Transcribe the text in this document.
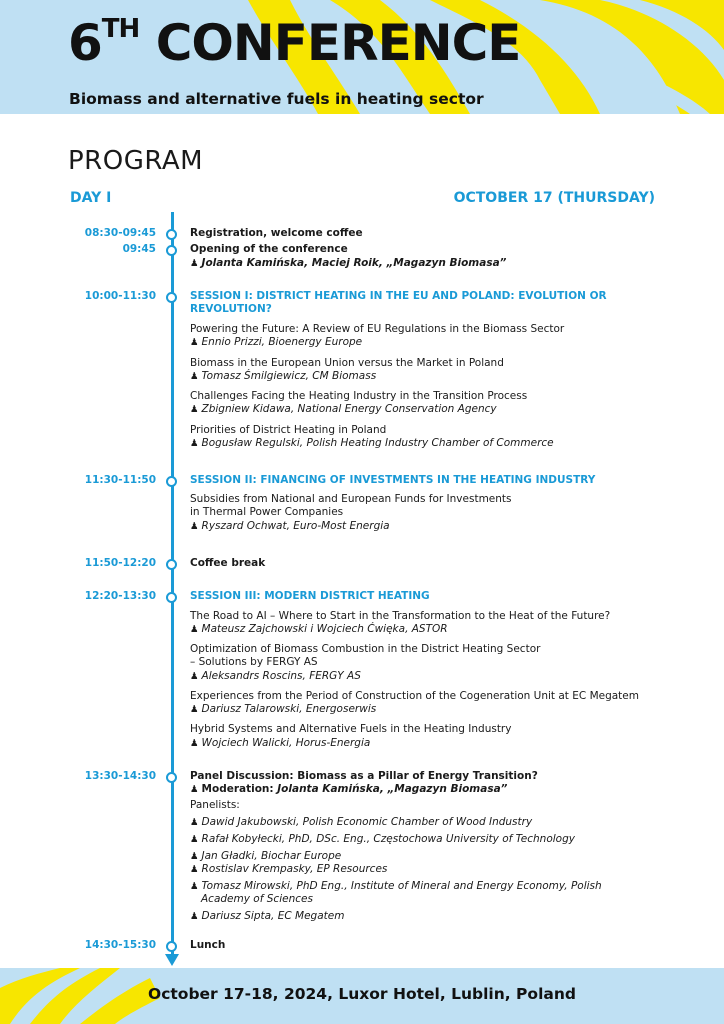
6TH CONFERENCE
Biomass and alternative fuels in heating sector
PROGRAM
DAY I	OCTOBER 17 (THURSDAY)
08:30-09:45	Registration, welcome coffee
09:45	Opening of the conference
♟ Jolanta Kamińska, Maciej Roik, „Magazyn Biomasa”
10:00-11:30	SESSION I: DISTRICT HEATING IN THE EU AND POLAND: EVOLUTION OR
REVOLUTION?
Powering the Future: A Review of EU Regulations in the Biomass Sector
♟ Ennio Prizzi, Bioenergy Europe
Biomass in the European Union versus the Market in Poland
♟ Tomasz Śmilgiewicz, CM Biomass
Challenges Facing the Heating Industry in the Transition Process
♟ Zbigniew Kidawa, National Energy Conservation Agency
Priorities of District Heating in Poland
♟ Bogusław Regulski, Polish Heating Industry Chamber of Commerce
11:30-11:50	SESSION II: FINANCING OF INVESTMENTS IN THE HEATING INDUSTRY
Subsidies from National and European Funds for Investments
in Thermal Power Companies
♟ Ryszard Ochwat, Euro-Most Energia
11:50-12:20	Coffee break
12:20-13:30	SESSION III: MODERN DISTRICT HEATING
The Road to AI – Where to Start in the Transformation to the Heat of the Future?
♟ Mateusz Zajchowski i Wojciech Ćwięka, ASTOR
Optimization of Biomass Combustion in the District Heating Sector
– Solutions by FERGY AS
♟ Aleksandrs Roscins, FERGY AS
Experiences from the Period of Construction of the Cogeneration Unit at EC Megatem
♟ Dariusz Talarowski, Energoserwis
Hybrid Systems and Alternative Fuels in the Heating Industry
♟ Wojciech Walicki, Horus-Energia
13:30-14:30	Panel Discussion: Biomass as a Pillar of Energy Transition?
♟ Moderation: Jolanta Kamińska, „Magazyn Biomasa”
Panelists:
♟ Dawid Jakubowski, Polish Economic Chamber of Wood Industry
♟ Rafał Kobyłecki, PhD, DSc. Eng., Częstochowa University of Technology
♟ Jan Gładki, Biochar Europe
♟ Rostislav Krempasky, EP Resources
♟ Tomasz Mirowski, PhD Eng., Institute of Mineral and Energy Economy, Polish
Academy of Sciences
♟ Dariusz Sipta, EC Megatem
14:30-15:30	Lunch
October 17-18, 2024, Luxor Hotel, Lublin, Poland
